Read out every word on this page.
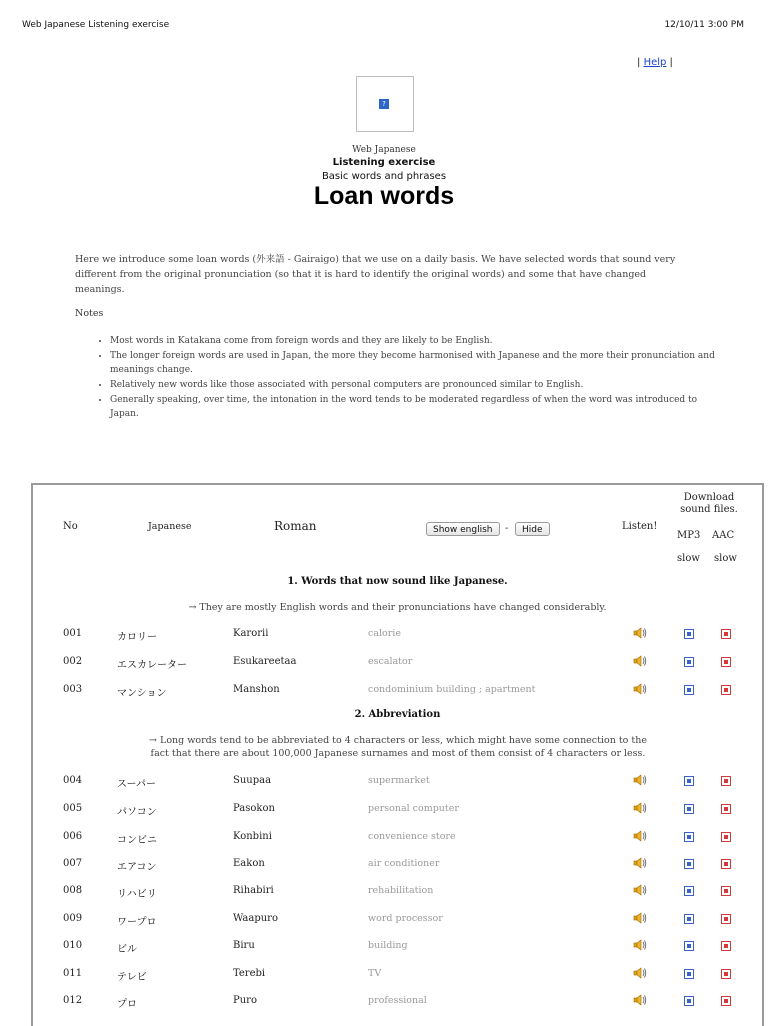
Web Japanese Listening exercise	12/10/11 3:00 PM
| Help |
?
Web Japanese
Listening exercise
Basic words and phrases
Loan words
Here we introduce some loan words (外来語 - Gairaigo) that we use on a daily basis. We have selected words that sound very different from the original pronunciation (so that it is hard to identify the original words) and some that have changed meanings.
Notes
• Most words in Katakana come from foreign words and they are likely to be English.
• The longer foreign words are used in Japan, the more they become harmonised with Japanese and the more their pronunciation and meanings change.
• Relatively new words like those associated with personal computers are pronounced similar to English.
• Generally speaking, over time, the intonation in the word tends to be moderated regardless of when the word was introduced to Japan.
No	Japanese	Roman	Show english	-	Hide	Listen!
Download sound files.
MP3 AAC
slow slow
1. Words that now sound like Japanese.
→ They are mostly English words and their pronunciations have changed considerably.
2. Abbreviation
→ Long words tend to be abbreviated to 4 characters or less, which might have some connection to the fact that there are about 100,000 Japanese surnames and most of them consist of 4 characters or less.
001	カロリー	Karorii	calorie
002	エスカレーター	Esukareetaa	escalator
003	マンション	Manshon	condominium building ; apartment
004	スーパー	Suupaa	supermarket
005	パソコン	Pasokon	personal computer
006	コンビニ	Konbini	convenience store
007	エアコン	Eakon	air conditioner
008	リハビリ	Rihabiri	rehabilitation
009	ワープロ	Waapuro	word processor
010	ビル	Biru	building
011	テレビ	Terebi	TV
012	プロ	Puro	professional
